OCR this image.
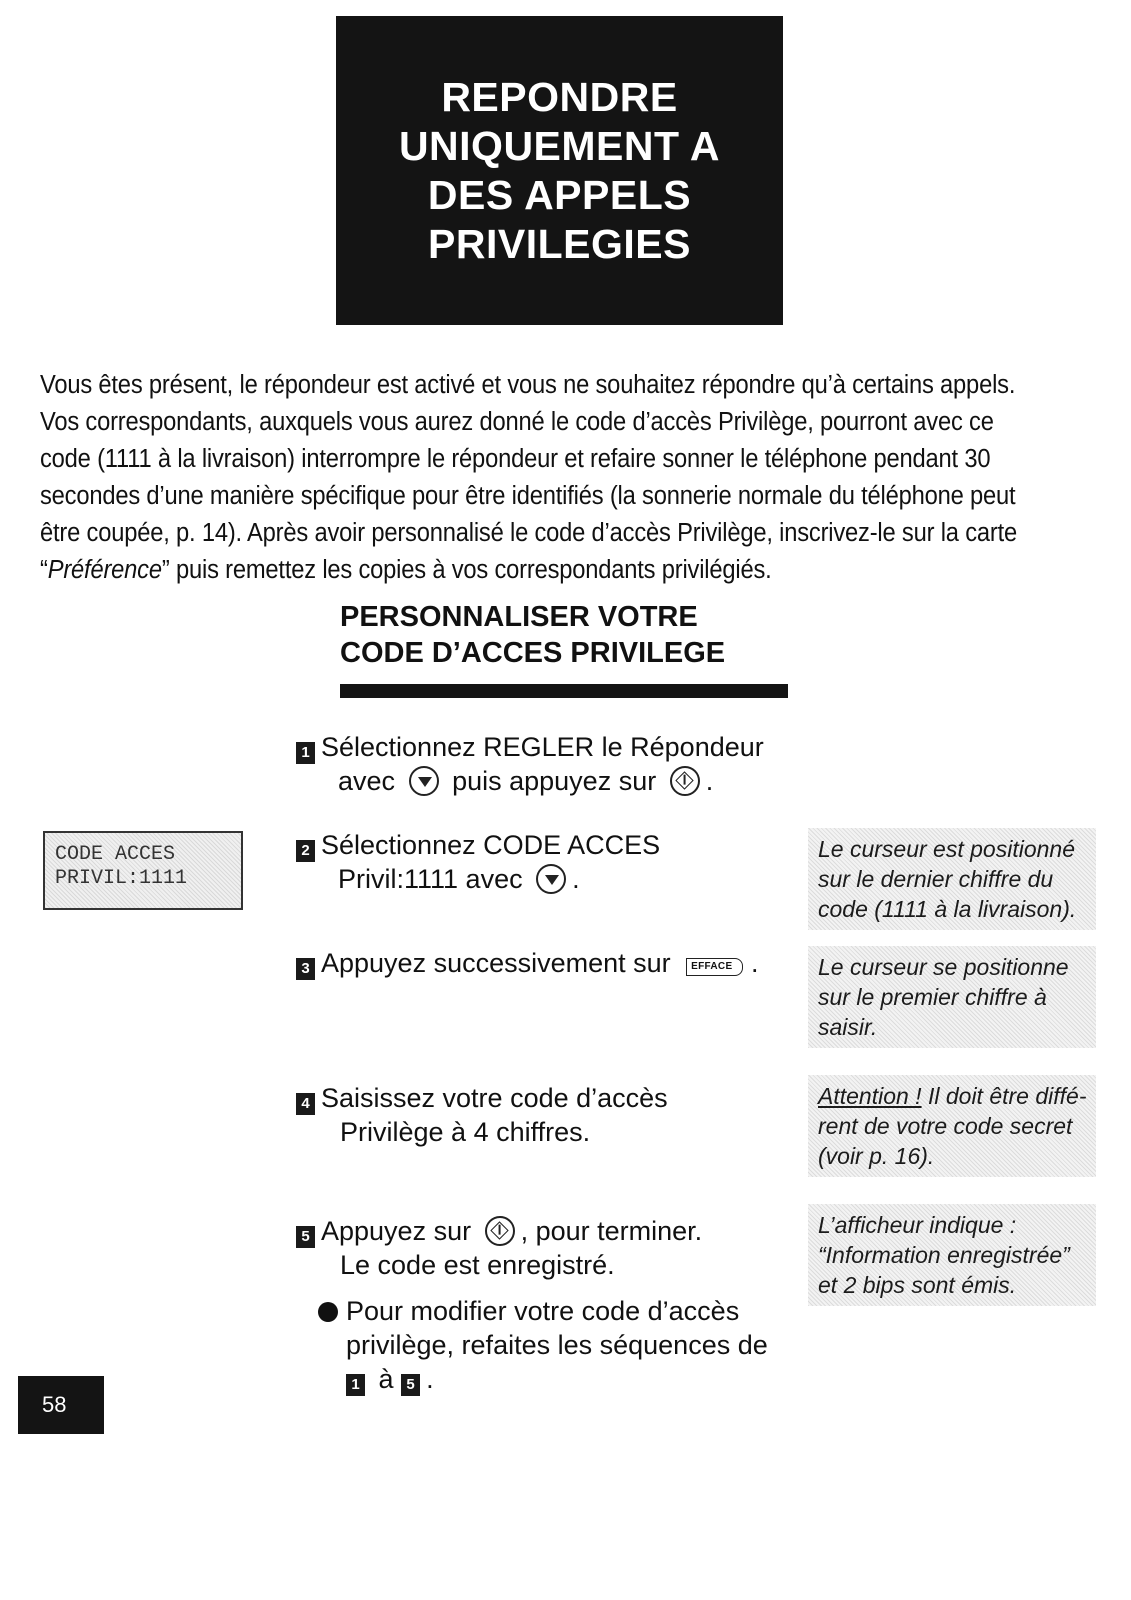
REPONDRE
UNIQUEMENT A
DES APPELS
PRIVILEGIES

Vous êtes présent, le répondeur est activé et vous ne souhaitez répondre qu’à certains appels. Vos correspondants, auxquels vous aurez donné le code d’accès Privilège, pourront avec ce code (1111 à la livraison) interrompre le répondeur et refaire sonner le téléphone pendant 30 secondes d’une manière spécifique pour être identifiés (la sonnerie normale du téléphone peut être coupée, p. 14). Après avoir personnalisé le code d’accès Privilège, inscrivez-le sur la carte “Préférence” puis remettez les copies à vos correspondants privilégiés.

PERSONNALISER VOTRE
CODE D’ACCES PRIVILEGE
CODE ACCES
PRIVIL:1111
1 Sélectionnez REGLER le Répondeur
avec puis appuyez sur .
2 Sélectionnez CODE ACCES
Privil:1111 avec .
3 Appuyez successivement sur EFFACE .
4 Saisissez votre code d’accès
Privilège à 4 chiffres.
5 Appuyez sur , pour terminer.
Le code est enregistré.
Pour modifier votre code d’accès
privilège, refaites les séquences de
1 à 5 .
Le curseur est positionné
sur le dernier chiffre du
code (1111 à la livraison).
Le curseur se positionne
sur le premier chiffre à
saisir.
Attention ! Il doit être diffé-
rent de votre code secret
(voir p. 16).
L’afficheur indique :
“Information enregistrée”
et 2 bips sont émis.
58
